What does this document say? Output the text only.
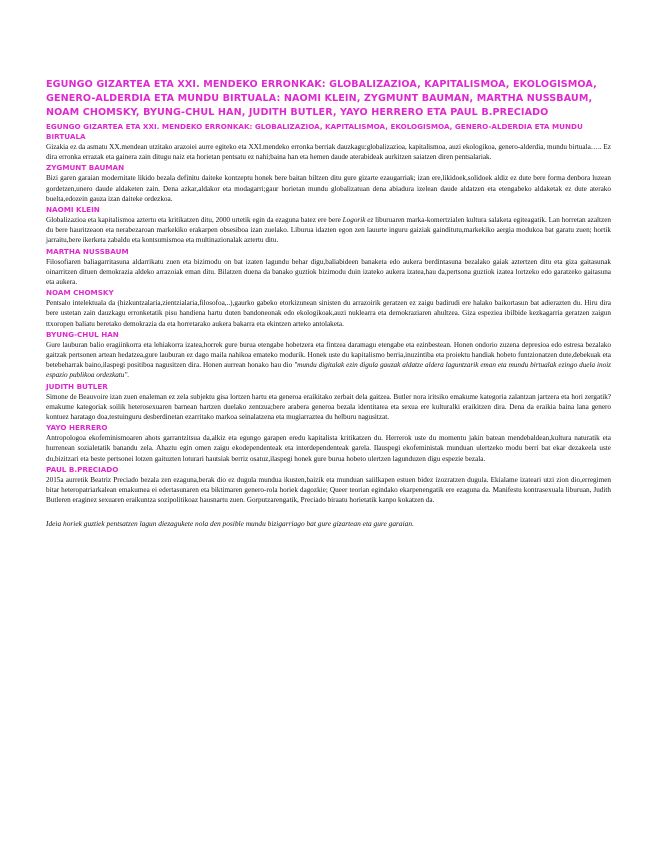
EGUNGO GIZARTEA ETA XXI. MENDEKO ERRONKAK: GLOBALIZAZIOA, KAPITALISMOA, EKOLOGISMOA, GENERO-ALDERDIA ETA MUNDU BIRTUALA: NAOMI KLEIN, ZYGMUNT BAUMAN, MARTHA NUSSBAUM, NOAM CHOMSKY, BYUNG-CHUL HAN, JUDITH BUTLER, YAYO HERRERO ETA PAUL B.PRECIADO
EGUNGO GIZARTEA ETA XXI. MENDEKO ERRONKAK: GLOBALIZAZIOA, KAPITALISMOA, EKOLOGISMOA, GENERO-ALDERDIA ETA MUNDU BIRTUALA

Gizakia ez da asmatu XX.mendean utzitako arazoiei aurre egiteko eta XXI.mendeko erronka berriak dauzkagu:globalizazioa, kapitalismoa, auzi ekologikoa, genero-alderdia, mundu birtuala….. Ez dira erronka errazak eta gainera zain ditugu naiz eta horietan pentsatu ez nahi;baina han eta hemen daude aterabideak aurkitzen saiatzen diren pentsalariak.

ZYGMUNT BAUMAN

Bizi garen garaian modernitate likido bezala definitu daiteke kontzeptu honek bere baitan biltzen ditu gure gizarte ezaugarriak; izan ere,likidoek,solidoek aldiz ez dute bere forma denbora luzean gordetzen,unero daude aldaketen zain. Dena azkar,aldakor eta modagarri;gaur horietan mundu globalizatuan dena abiadura izelean daude aldatzen eta etengabeko aldaketak ez dute aterako buelta,edozein gauza izan daiteke ordezkoa.

NAOMI KLEIN

Globalizazioa eta kapitalismoa aztertu eta kritikatzen ditu, 2000 urtetik egin da ezaguna batez ere bere Logorik ez liburuaren marka-komertzialen kultura salaketa egiteagatik. Lan horretan azaltzen du bere hauritzeaon eta nerabezaroan markekiko erakarpen obsesiboa izan zuelako. Liburua idazten egon zen lauurte inguru gaiziak gainditutu,markekiko aergia modukoa bat garatu zuen; hortik jarraitu,bere ikerketa zabaldu eta kontsumismoa eta multinazionalak aztertu ditu.

MARTHA NUSSBAUM

Filosofiaren baliagarritasuna aldarrikatu zuen eta bizimodu on bat izaten lagundu behar digu,baliabideen banaketa edo aukera berdintasuna bezalako gaiak aztertzen ditu eta giza gaitasunak oinarritzen dituen demokrazia aldeko arrazoiak eman ditu. Bilatzen duena da banako guztiok bizimodu duin izateko aukera izatea,hau da,pertsona guztiok izatea lortzeko edo garatzeko gaitasuna eta aukera.

NOAM CHOMSKY

Pentsalo intelektuala da (hizkuntzalaria,zientzialaria,filosofoa,..),gaurko gabeko etorkizunean sinisten du arrazoirik geratzen ez zaigu badirudi ere halako baikortasun bat adierazten du. Hiru dira bere ustetan zain dauzkagu erronketatik pisu handiena hartu duten bandoneonak edo ekologikoak,auzi nuklearra eta demokraziaren ahultzea. Giza espeziea ibilbide kezkagarria geratzen zaigun ttxoropen baliatu beretako demokrazia da eta horretarako aukera bakarra eta ekintzen arteko antolaketa.

BYUNG-CHUL HAN

Gure lauburan balio eragiinkorra eta lehiakorra izatea,horrek gure burua etengabe hobetzera eta fintzea daramagu etengabe eta ezinbestean. Honen ondorio zuzena depresioa edo estresa bezalako gaitzak pertsonen artean hedatzea,gure lauburan ez dago maila nahikoa emateko modurik. Honek uste du kapitalismo berria,inuzintiba eta proiektu handiak hobeto funtzionatzen dute,debekuak eta betebeharrak baino,ilaspegi positiboa nagusitzen dira. Honen aurrean honako hau dio "mundu digitalak ezin digula gauzak aldatze aldera laguntzarik eman eta mundu birtualak ezingo duela inoiz espazio publikoa ordezkatu".

JUDITH BUTLER

Simone de Beauvoire izan zuen enaleman ez zela subjektu gisa lortzen hartu eta generoa eraikitako zerbait dela gaitzea. Butler nora iritsiko emakume kategoria zalantzan jartzera eta hori zergatik? emakume kategoriak soilik heterosexuaren barnean hartzen duelako zentzua;bere arabera generoa bezala identitatea eta sexua ere kulturalki eraikitzen dira. Dena da eraikia baina lana genero kontuez haratago doa,testuinguru desberdinetan ezarritako markoa seinalatzena eta mugiarraztea du helburu nagusitzat.

YAYO HERRERO

Antropologoa ekofeminismoaren ahots garrantzitsua da,alkiz eta egungo garapen eredu kapitalista kritikatzen du. Herrerok uste du momentu jakin batean mendebaldean,kultura naturatik eta hurrenean sozialetatik banandu zela. Ahaztu egin omen zaigu ekodependenteak eta interdependenteak garela. Ilauspegi ekofeministak munduan ulertzeko modu berri bat ekar dezakeela uste du,bizitzari eta beste pertsonei lotzen gaituzten loturari hautsiak berriz osatuz,ilaspegi honek gure burua hobeto ulertzen lagunduzen digu espezie bezala.

PAUL B.PRECIADO

2015a aurretik Beatriz Preciado bezala zen ezaguna,berak dio ez dugula mundua ikusten,baizik eta munduan saiilkapen estuen bidez izozratzen dugula. Ekialame izateari utzi zion dio,erregimen bitar heteropatriarkalean emakumea ei edertasunaren eta biktimaren genero-rola horiek dagozkie; Queer teorian egindako ekarpenengatik ere ezaguna da. Manifestu kontrasexuala liburuan, Judith Butleren eraginez sexuaren eraikuntza sozipolitikoaz hausnartu zuen. Gorputzarengatik, Preciado biraatu horietatik kanpo kokatzen da.

Ideia horiek guztiek pentsatzen lagun diezagukete nola den posible mundu bizigarriago bat gure gizartean eta gure garaian.
